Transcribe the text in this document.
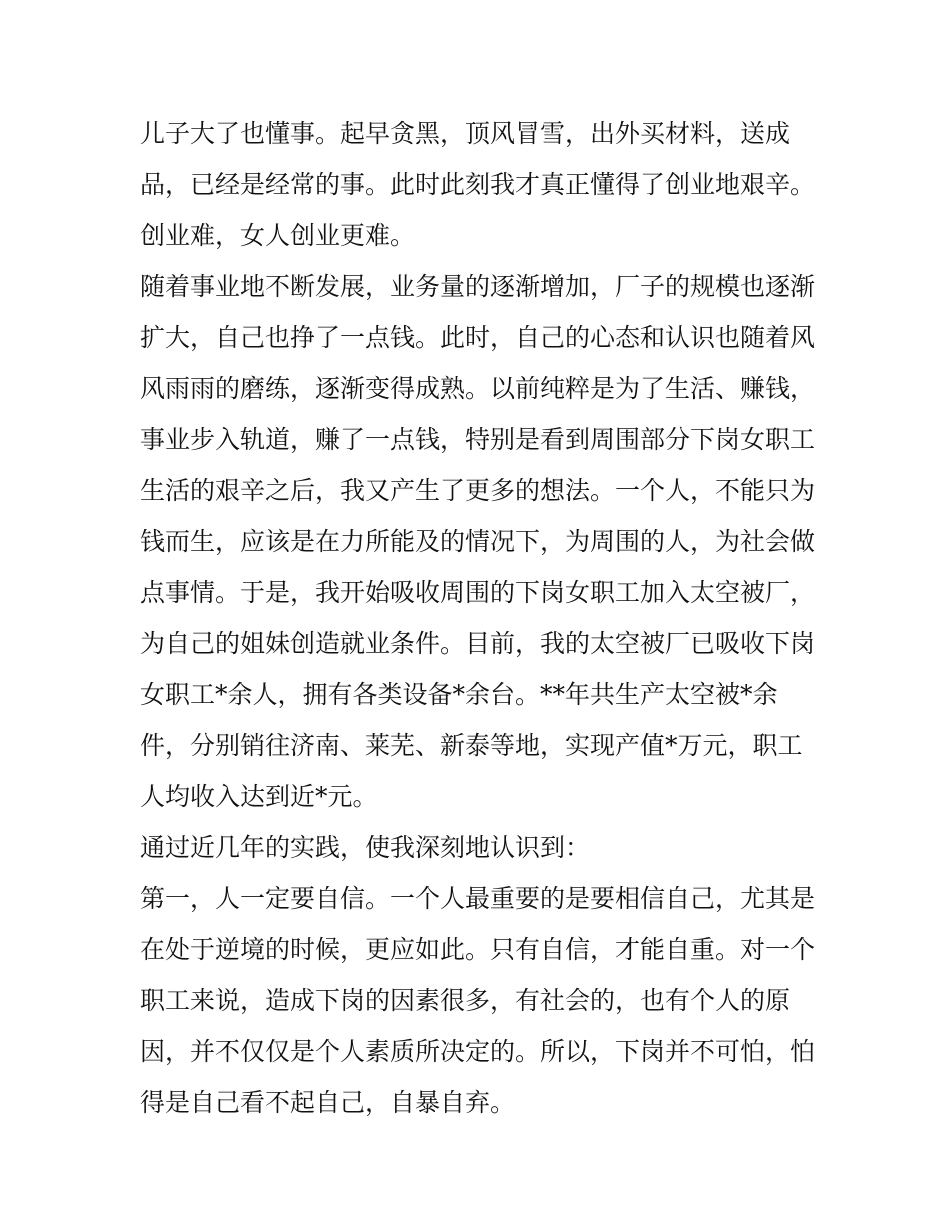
儿子大了也懂事。起早贪黑，顶风冒雪，出外买材料，送成
品，已经是经常的事。此时此刻我才真正懂得了创业地艰辛。
创业难，女人创业更难。
随着事业地不断发展，业务量的逐渐增加，厂子的规模也逐渐
扩大，自己也挣了一点钱。此时，自己的心态和认识也随着风
风雨雨的磨练，逐渐变得成熟。以前纯粹是为了生活、赚钱，
事业步入轨道，赚了一点钱，特别是看到周围部分下岗女职工
生活的艰辛之后，我又产生了更多的想法。一个人，不能只为
钱而生，应该是在力所能及的情况下，为周围的人，为社会做
点事情。于是，我开始吸收周围的下岗女职工加入太空被厂，
为自己的姐妹创造就业条件。目前，我的太空被厂已吸收下岗
女职工*余人，拥有各类设备*余台。**年共生产太空被*余
件，分别销往济南、莱芜、新泰等地，实现产值*万元，职工
人均收入达到近*元。
通过近几年的实践，使我深刻地认识到：
第一，人一定要自信。一个人最重要的是要相信自己，尤其是
在处于逆境的时候，更应如此。只有自信，才能自重。对一个
职工来说，造成下岗的因素很多，有社会的，也有个人的原
因，并不仅仅是个人素质所决定的。所以，下岗并不可怕，怕
得是自己看不起自己，自暴自弃。
